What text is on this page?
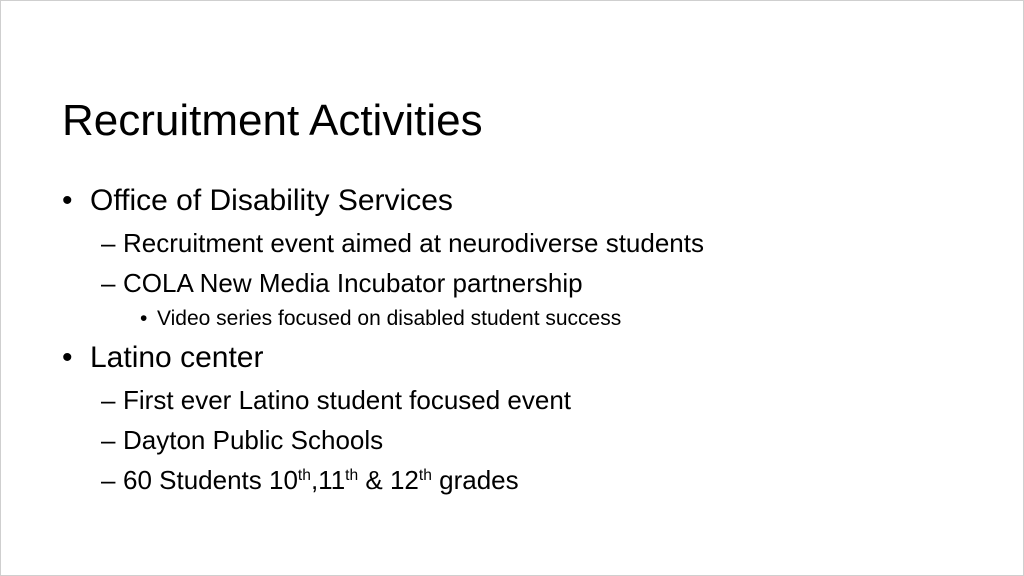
Recruitment Activities
• Office of Disability Services
– Recruitment event aimed at neurodiverse students
– COLA New Media Incubator partnership
• Video series focused on disabled student success
• Latino center
– First ever Latino student focused event
– Dayton Public Schools
– 60 Students 10th,11th & 12th grades
